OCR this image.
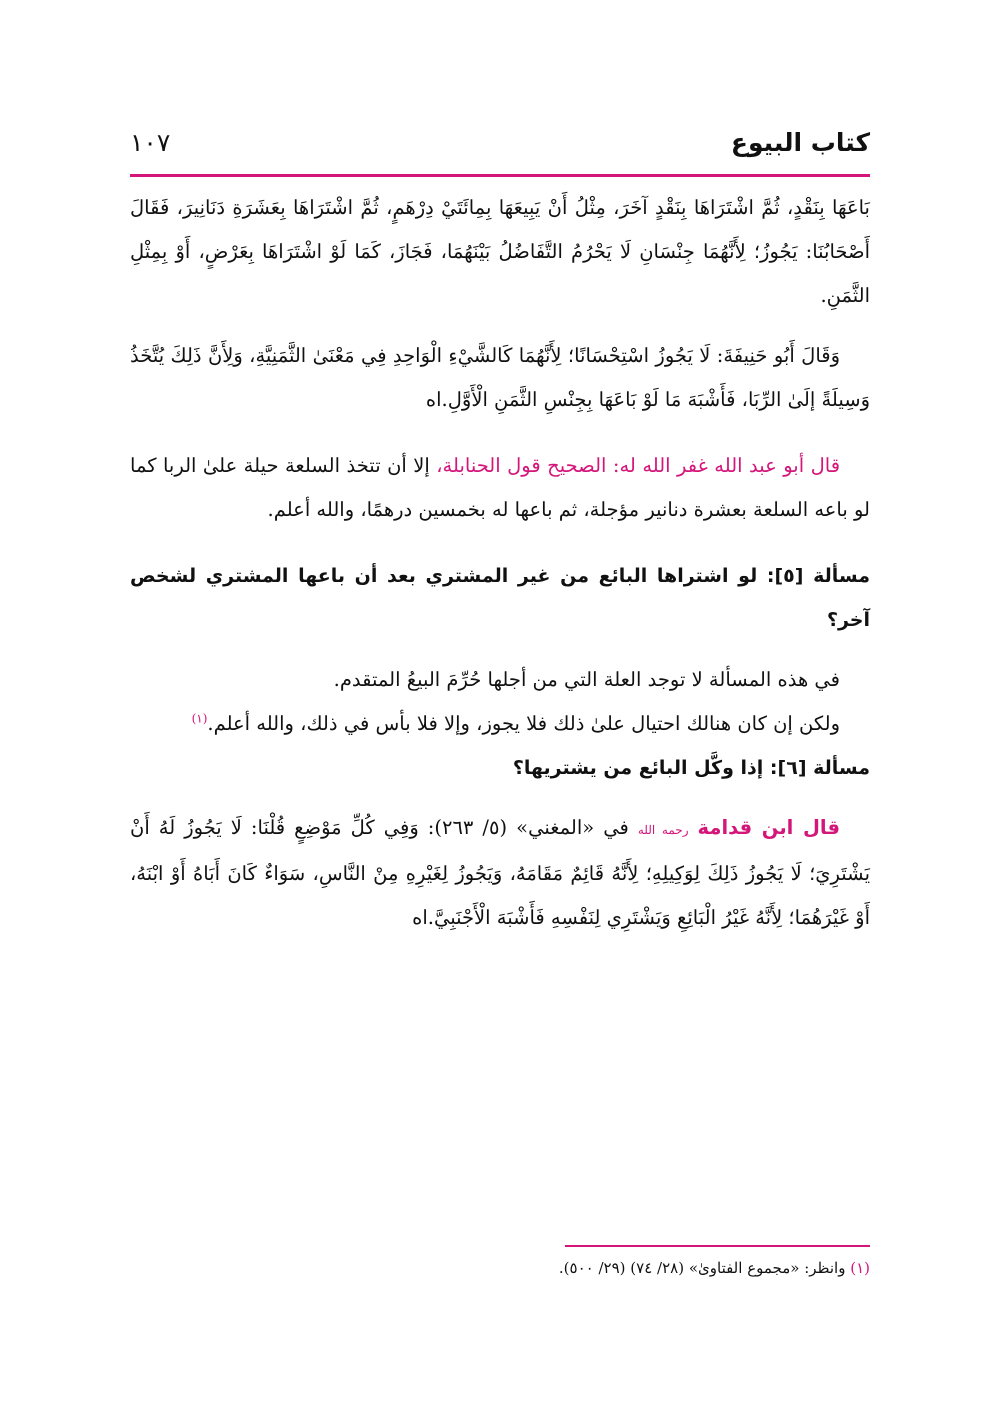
كتاب البيوع
١٠٧

بَاعَهَا بِنَقْدٍ، ثُمَّ اشْتَرَاهَا بِنَقْدٍ آخَرَ، مِثْلُ أَنْ يَبِيعَهَا بِمِائَتَيْ دِرْهَمٍ، ثُمَّ اشْتَرَاهَا بِعَشَرَةِ دَنَانِيرَ، فَقَالَ أَصْحَابُنَا: يَجُوزُ؛ لِأَنَّهُمَا جِنْسَانِ لَا يَحْرُمُ التَّفَاضُلُ بَيْنَهُمَا، فَجَازَ، كَمَا لَوْ اشْتَرَاهَا بِعَرْضٍ، أَوْ بِمِثْلِ الثَّمَنِ.

وَقَالَ أَبُو حَنِيفَةَ: لَا يَجُوزُ اسْتِحْسَانًا؛ لِأَنَّهُمَا كَالشَّيْءِ الْوَاحِدِ فِي مَعْنَىٰ الثَّمَنِيَّةِ، وَلِأَنَّ ذَلِكَ يُتَّخَذُ وَسِيلَةً إلَىٰ الرِّبَا، فَأَشْبَهَ مَا لَوْ بَاعَهَا بِجِنْسِ الثَّمَنِ الْأَوَّلِ.اه

قال أبو عبد الله غفر الله له: الصحيح قول الحنابلة، إلا أن تتخذ السلعة حيلة علىٰ الربا كما لو باعه السلعة بعشرة دنانير مؤجلة، ثم باعها له بخمسين درهمًا، والله أعلم.

مسألة [٥]: لو اشتراها البائع من غير المشتري بعد أن باعها المشتري لشخص آخر؟

في هذه المسألة لا توجد العلة التي من أجلها حُرِّمَ البيعُ المتقدم.

ولكن إن كان هنالك احتيال علىٰ ذلك فلا يجوز، وإلا فلا بأس في ذلك، والله أعلم.$^{(١)}$

مسألة [٦]: إذا وكَّل البائع من يشتريها؟

قال ابن قدامة رحمه الله في «المغني» (٥/ ٢٦٣): وَفِي كُلِّ مَوْضِعٍ قُلْنَا: لَا يَجُوزُ لَهُ أَنْ يَشْتَرِيَ؛ لَا يَجُوزُ ذَلِكَ لِوَكِيلِهِ؛ لِأَنَّهُ قَائِمٌ مَقَامَهُ، وَيَجُوزُ لِغَيْرِهِ مِنْ النَّاسِ، سَوَاءٌ كَانَ أَبَاهُ أَوْ ابْنَهُ، أَوْ غَيْرَهُمَا؛ لِأَنَّهُ غَيْرُ الْبَائِعِ وَيَشْتَرِي لِنَفْسِهِ فَأَشْبَهَ الْأَجْنَبِيَّ.اه

(١) وانظر: «مجموع الفتاوىٰ» (٢٨/ ٧٤) (٢٩/ ٥٠٠).
